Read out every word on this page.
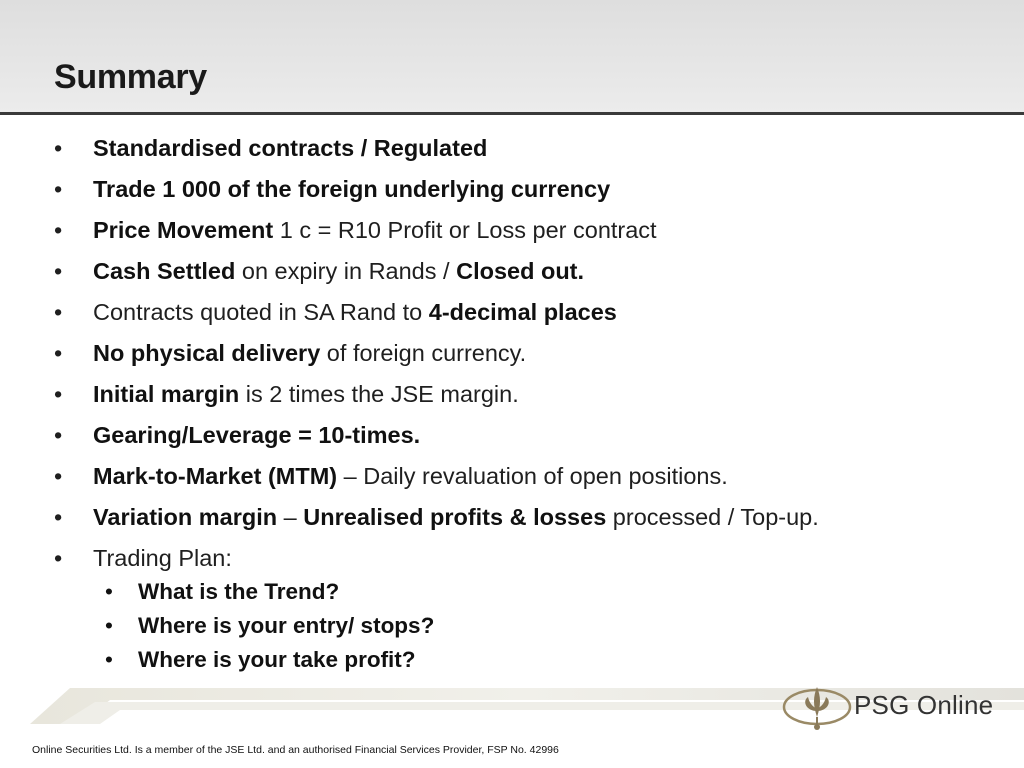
Summary
• Standardised contracts / Regulated
• Trade 1 000 of the foreign underlying currency
• Price Movement 1 c = R10 Profit or Loss per contract
• Cash Settled on expiry in Rands / Closed out.
• Contracts quoted in SA Rand to 4-decimal places
• No physical delivery of foreign currency.
• Initial margin is 2 times the JSE margin.
• Gearing/Leverage = 10-times.
• Mark-to-Market (MTM) – Daily revaluation of open positions.
• Variation margin – Unrealised profits & losses processed / Top-up.
• Trading Plan:
• What is the Trend?
• Where is your entry/ stops?
• Where is your take profit?
PSG Online
Online Securities Ltd. Is a member of the JSE Ltd. and an authorised Financial Services Provider, FSP No. 42996
